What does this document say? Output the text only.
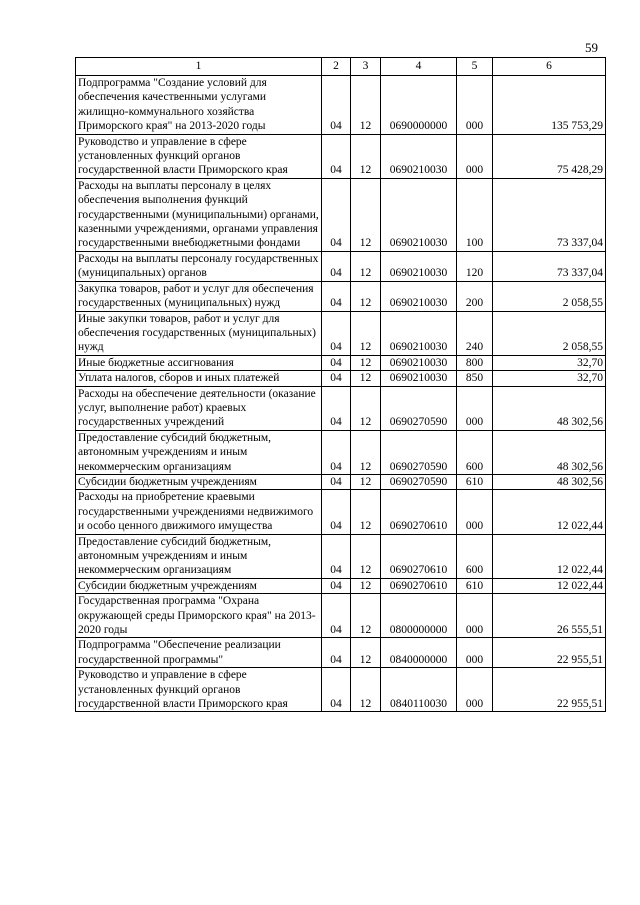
59
1	2	3	4	5	6
Подпрограмма "Создание условий для обеспечения качественными услугами жилищно-коммунального хозяйства Приморского края" на 2013-2020 годы	04	12	0690000000	000	135 753,29
Руководство и управление в сфере установленных функций органов государственной власти Приморского края	04	12	0690210030	000	75 428,29
Расходы на выплаты персоналу в целях обеспечения выполнения функций государственными (муниципальными) органами, казенными учреждениями, органами управления государственными внебюджетными фондами	04	12	0690210030	100	73 337,04
Расходы на выплаты персоналу государственных (муниципальных) органов	04	12	0690210030	120	73 337,04
Закупка товаров, работ и услуг для обеспечения государственных (муниципальных) нужд	04	12	0690210030	200	2 058,55
Иные закупки товаров, работ и услуг для обеспечения государственных (муниципальных) нужд	04	12	0690210030	240	2 058,55
Иные бюджетные ассигнования	04	12	0690210030	800	32,70
Уплата налогов, сборов и иных платежей	04	12	0690210030	850	32,70
Расходы на обеспечение деятельности (оказание услуг, выполнение работ) краевых государственных учреждений	04	12	0690270590	000	48 302,56
Предоставление субсидий бюджетным, автономным учреждениям и иным некоммерческим организациям	04	12	0690270590	600	48 302,56
Субсидии бюджетным учреждениям	04	12	0690270590	610	48 302,56
Расходы на приобретение краевыми государственными учреждениями недвижимого и особо ценного движимого имущества	04	12	0690270610	000	12 022,44
Предоставление субсидий бюджетным, автономным учреждениям и иным некоммерческим организациям	04	12	0690270610	600	12 022,44
Субсидии бюджетным учреждениям	04	12	0690270610	610	12 022,44
Государственная программа "Охрана окружающей среды Приморского края" на 2013-2020 годы	04	12	0800000000	000	26 555,51
Подпрограмма "Обеспечение реализации государственной программы"	04	12	0840000000	000	22 955,51
Руководство и управление в сфере установленных функций органов государственной власти Приморского края	04	12	0840110030	000	22 955,51
